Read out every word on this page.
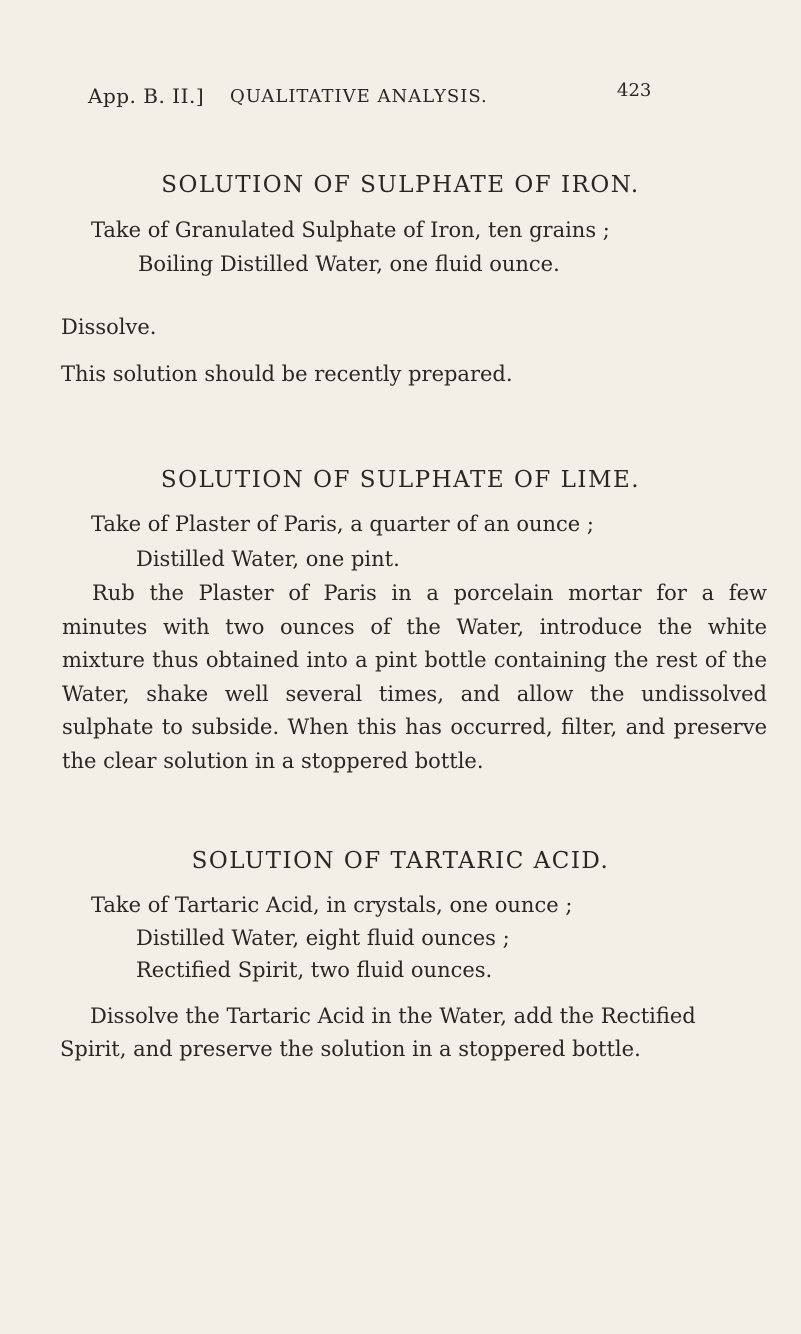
App. B. II.] QUALITATIVE ANALYSIS.	423
SOLUTION OF SULPHATE OF IRON.
Take of Granulated Sulphate of Iron, ten grains ;
Boiling Distilled Water, one fluid ounce.
Dissolve.
This solution should be recently prepared.
SOLUTION OF SULPHATE OF LIME.
Take of Plaster of Paris, a quarter of an ounce ;
Distilled Water, one pint.
Rub the Plaster of Paris in a porcelain mortar for a few minutes with two ounces of the Water, introduce the white mixture thus obtained into a pint bottle containing the rest of the Water, shake well several times, and allow the undissolved sulphate to subside. When this has occurred, filter, and preserve the clear solution in a stoppered bottle.
SOLUTION OF TARTARIC ACID.
Take of Tartaric Acid, in crystals, one ounce ;
Distilled Water, eight fluid ounces ;
Rectified Spirit, two fluid ounces.
Dissolve the Tartaric Acid in the Water, add the Rectified Spirit, and preserve the solution in a stoppered bottle.
